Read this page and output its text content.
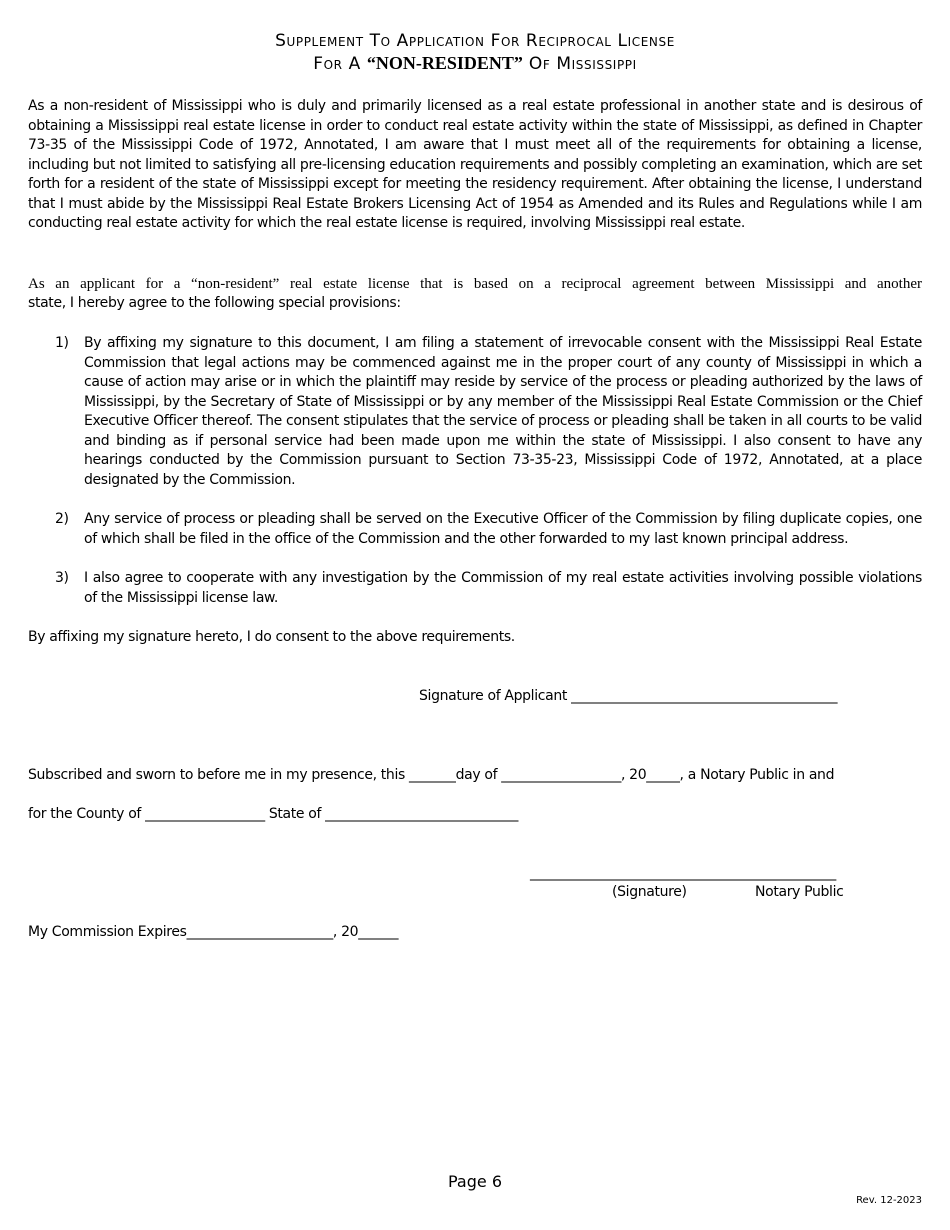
Supplement To Application For Reciprocal License
For A “NON-RESIDENT” Of Mississippi
As a non-resident of Mississippi who is duly and primarily licensed as a real estate professional in another state and is desirous of obtaining a Mississippi real estate license in order to conduct real estate activity within the state of Mississippi, as defined in Chapter 73-35 of the Mississippi Code of 1972, Annotated, I am aware that I must meet all of the requirements for obtaining a license, including but not limited to satisfying all pre-licensing education requirements and possibly completing an examination, which are set forth for a resident of the state of Mississippi except for meeting the residency requirement. After obtaining the license, I understand that I must abide by the Mississippi Real Estate Brokers Licensing Act of 1954 as Amended and its Rules and Regulations while I am conducting real estate activity for which the real estate license is required, involving Mississippi real estate.
As an applicant for a “non-resident” real estate license that is based on a reciprocal agreement between Mississippi and another
state, I hereby agree to the following special provisions:
1)	By affixing my signature to this document, I am filing a statement of irrevocable consent with the Mississippi Real Estate Commission that legal actions may be commenced against me in the proper court of any county of Mississippi in which a cause of action may arise or in which the plaintiff may reside by service of the process or pleading authorized by the laws of Mississippi, by the Secretary of State of Mississippi or by any member of the Mississippi Real Estate Commission or the Chief Executive Officer thereof. The consent stipulates that the service of process or pleading shall be taken in all courts to be valid and binding as if personal service had been made upon me within the state of Mississippi. I also consent to have any hearings conducted by the Commission pursuant to Section 73-35-23, Mississippi Code of 1972, Annotated, at a place designated by the Commission.
2)	Any service of process or pleading shall be served on the Executive Officer of the Commission by filing duplicate copies, one of which shall be filed in the office of the Commission and the other forwarded to my last known principal address.
3)	I also agree to cooperate with any investigation by the Commission of my real estate activities involving possible violations of the Mississippi license law.
By affixing my signature hereto, I do consent to the above requirements.
Signature of Applicant ________________________________________
Subscribed and sworn to before me in my presence, this _______day of __________________, 20_____, a Notary Public in and
for the County of __________________ State of _____________________________
______________________________________________
(Signature)	Notary Public
My Commission Expires______________________, 20______
Page 6
Rev. 12-2023
